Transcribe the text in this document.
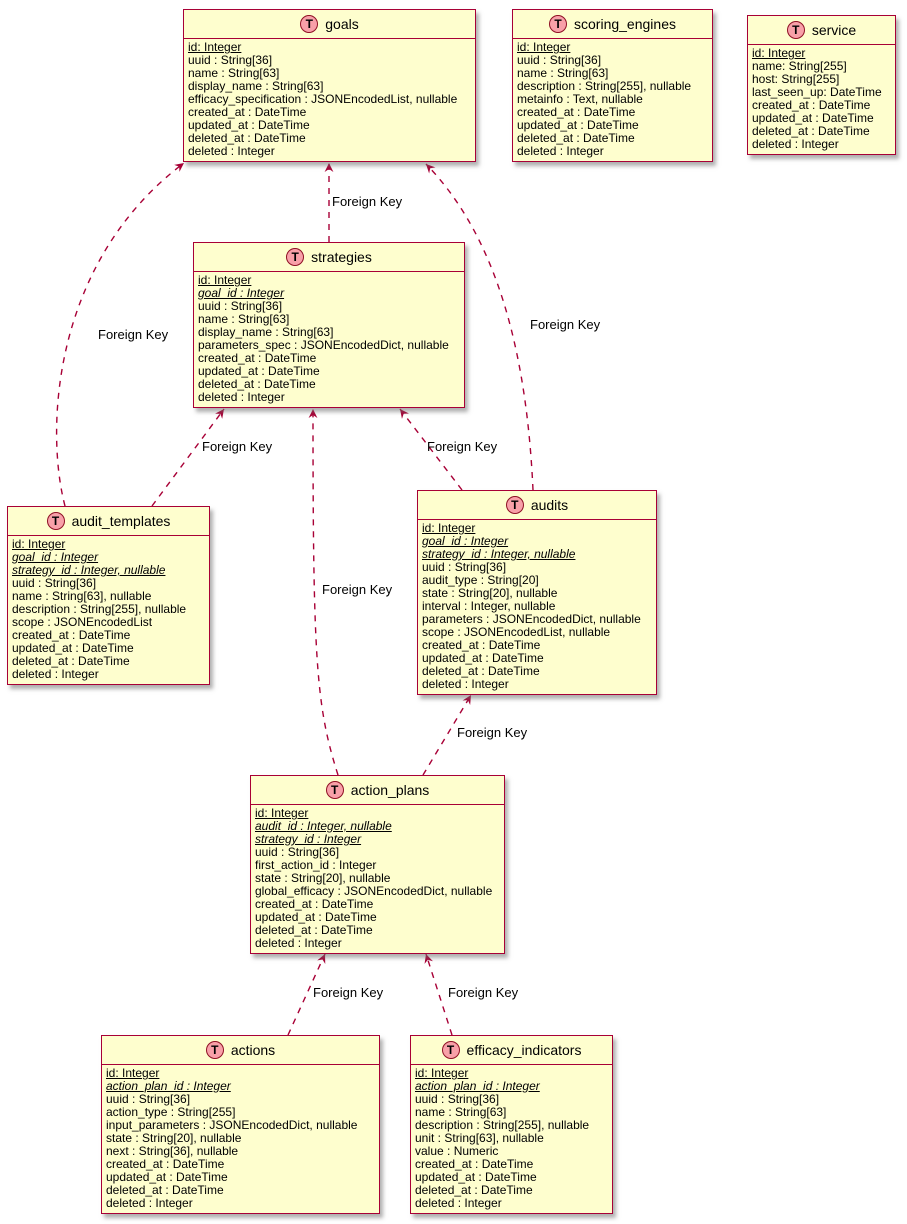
Foreign Key
Foreign Key
Foreign Key
Foreign Key	Foreign Key
Foreign Key
Foreign Key
Foreign Key	Foreign Key
T goals
id: Integer
uuid : String[36]
name : String[63]
display_name : String[63]
efficacy_specification : JSONEncodedList, nullable
created_at : DateTime
updated_at : DateTime
deleted_at : DateTime
deleted : Integer
T scoring_engines
id: Integer
uuid : String[36]
name : String[63]
description : String[255], nullable
metainfo : Text, nullable
created_at : DateTime
updated_at : DateTime
deleted_at : DateTime
deleted : Integer
T service
id: Integer
name: String[255]
host: String[255]
last_seen_up: DateTime
created_at : DateTime
updated_at : DateTime
deleted_at : DateTime
deleted : Integer
T strategies
id: Integer
goal_id : Integer
uuid : String[36]
name : String[63]
display_name : String[63]
parameters_spec : JSONEncodedDict, nullable
created_at : DateTime
updated_at : DateTime
deleted_at : DateTime
deleted : Integer
T audit_templates
id: Integer
goal_id : Integer
strategy_id : Integer, nullable
uuid : String[36]
name : String[63], nullable
description : String[255], nullable
scope : JSONEncodedList
created_at : DateTime
updated_at : DateTime
deleted_at : DateTime
deleted : Integer
T audits
id: Integer
goal_id : Integer
strategy_id : Integer, nullable
uuid : String[36]
audit_type : String[20]
state : String[20], nullable
interval : Integer, nullable
parameters : JSONEncodedDict, nullable
scope : JSONEncodedList, nullable
created_at : DateTime
updated_at : DateTime
deleted_at : DateTime
deleted : Integer
T action_plans
id: Integer
audit_id : Integer, nullable
strategy_id : Integer
uuid : String[36]
first_action_id : Integer
state : String[20], nullable
global_efficacy : JSONEncodedDict, nullable
created_at : DateTime
updated_at : DateTime
deleted_at : DateTime
deleted : Integer
T actions
id: Integer
action_plan_id : Integer
uuid : String[36]
action_type : String[255]
input_parameters : JSONEncodedDict, nullable
state : String[20], nullable
next : String[36], nullable
created_at : DateTime
updated_at : DateTime
deleted_at : DateTime
deleted : Integer
T efficacy_indicators
id: Integer
action_plan_id : Integer
uuid : String[36]
name : String[63]
description : String[255], nullable
unit : String[63], nullable
value : Numeric
created_at : DateTime
updated_at : DateTime
deleted_at : DateTime
deleted : Integer
